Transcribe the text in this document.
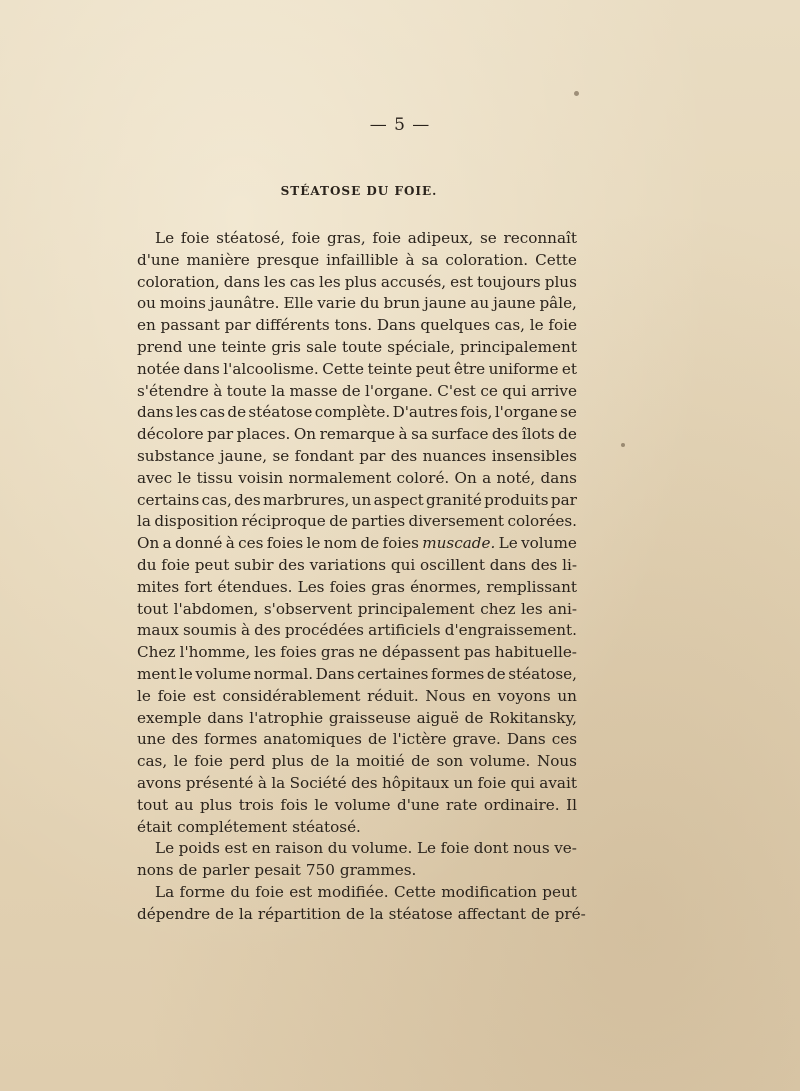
— 5 —
STÉATOSE DU FOIE.
Le foie stéatosé, foie gras, foie adipeux, se reconnaît
d'une manière presque infaillible à sa coloration. Cette
coloration, dans les cas les plus accusés, est toujours plus
ou moins jaunâtre. Elle varie du brun jaune au jaune pâle,
en passant par différents tons. Dans quelques cas, le foie
prend une teinte gris sale toute spéciale, principalement
notée dans l'alcoolisme. Cette teinte peut être uniforme et
s'étendre à toute la masse de l'organe. C'est ce qui arrive
dans les cas de stéatose complète. D'autres fois, l'organe se
décolore par places. On remarque à sa surface des îlots de
substance jaune, se fondant par des nuances insensibles
avec le tissu voisin normalement coloré. On a noté, dans
certains cas, des marbrures, un aspect granité produits par
la disposition réciproque de parties diversement colorées.
On a donné à ces foies le nom de foies muscade. Le volume
du foie peut subir des variations qui oscillent dans des li-
mites fort étendues. Les foies gras énormes, remplissant
tout l'abdomen, s'observent principalement chez les ani-
maux soumis à des procédées artificiels d'engraissement.
Chez l'homme, les foies gras ne dépassent pas habituelle-
ment le volume normal. Dans certaines formes de stéatose,
le foie est considérablement réduit. Nous en voyons un
exemple dans l'atrophie graisseuse aiguë de Rokitansky,
une des formes anatomiques de l'ictère grave. Dans ces
cas, le foie perd plus de la moitié de son volume. Nous
avons présenté à la Société des hôpitaux un foie qui avait
tout au plus trois fois le volume d'une rate ordinaire. Il
était complétement stéatosé.
Le poids est en raison du volume. Le foie dont nous ve-
nons de parler pesait 750 grammes.
La forme du foie est modifiée. Cette modification peut
dépendre de la répartition de la stéatose affectant de pré-
